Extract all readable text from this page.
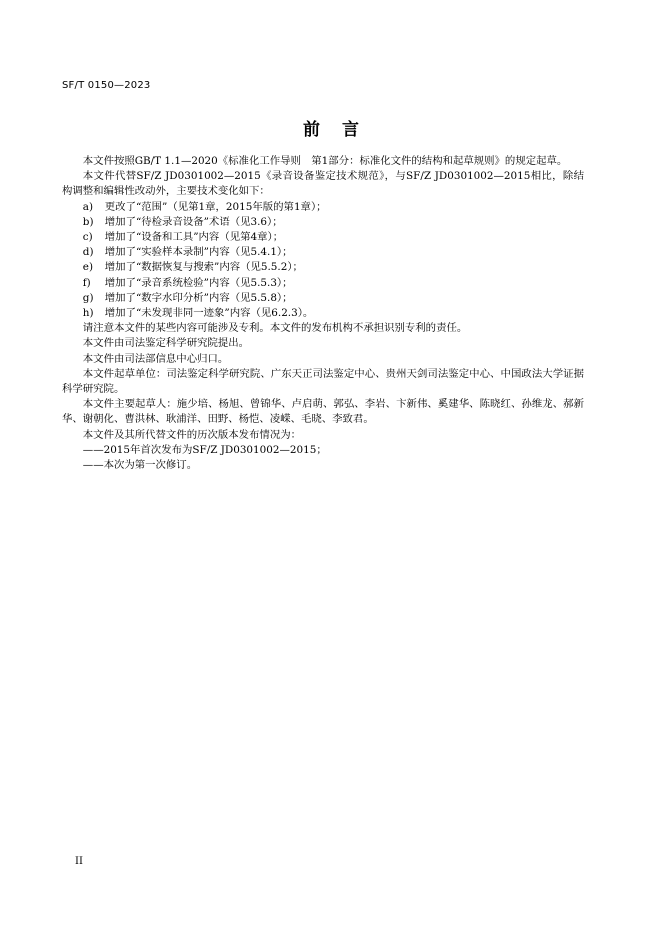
SF/T 0150—2023
前言

本文件按照GB/T 1.1—2020《标准化工作导则　第1部分：标准化文件的结构和起草规则》的规定起草。

本文件代替SF/Z JD0301002—2015《录音设备鉴定技术规范》，与SF/Z JD0301002—2015相比，除结构调整和编辑性改动外，主要技术变化如下：

a) 更改了“范围”（见第1章，2015年版的第1章）；

b) 增加了“待检录音设备”术语（见3.6）；

c) 增加了“设备和工具”内容（见第4章）；

d) 增加了“实验样本录制”内容（见5.4.1）；

e) 增加了“数据恢复与搜索”内容（见5.5.2）；

f) 增加了“录音系统检验”内容（见5.5.3）；

g) 增加了“数字水印分析”内容（见5.5.8）；

h) 增加了“未发现非同一迹象”内容（见6.2.3）。

请注意本文件的某些内容可能涉及专利。本文件的发布机构不承担识别专利的责任。

本文件由司法鉴定科学研究院提出。

本文件由司法部信息中心归口。

本文件起草单位：司法鉴定科学研究院、广东天正司法鉴定中心、贵州天剑司法鉴定中心、中国政法大学证据科学研究院。

本文件主要起草人：施少培、杨旭、曾锦华、卢启萌、郭弘、李岩、卞新伟、奚建华、陈晓红、孙维龙、郝新华、谢朝化、曹洪林、耿浦洋、田野、杨恺、凌嵘、毛晓、李致君。

本文件及其所代替文件的历次版本发布情况为：

——2015年首次发布为SF/Z JD0301002—2015；

——本次为第一次修订。

II
